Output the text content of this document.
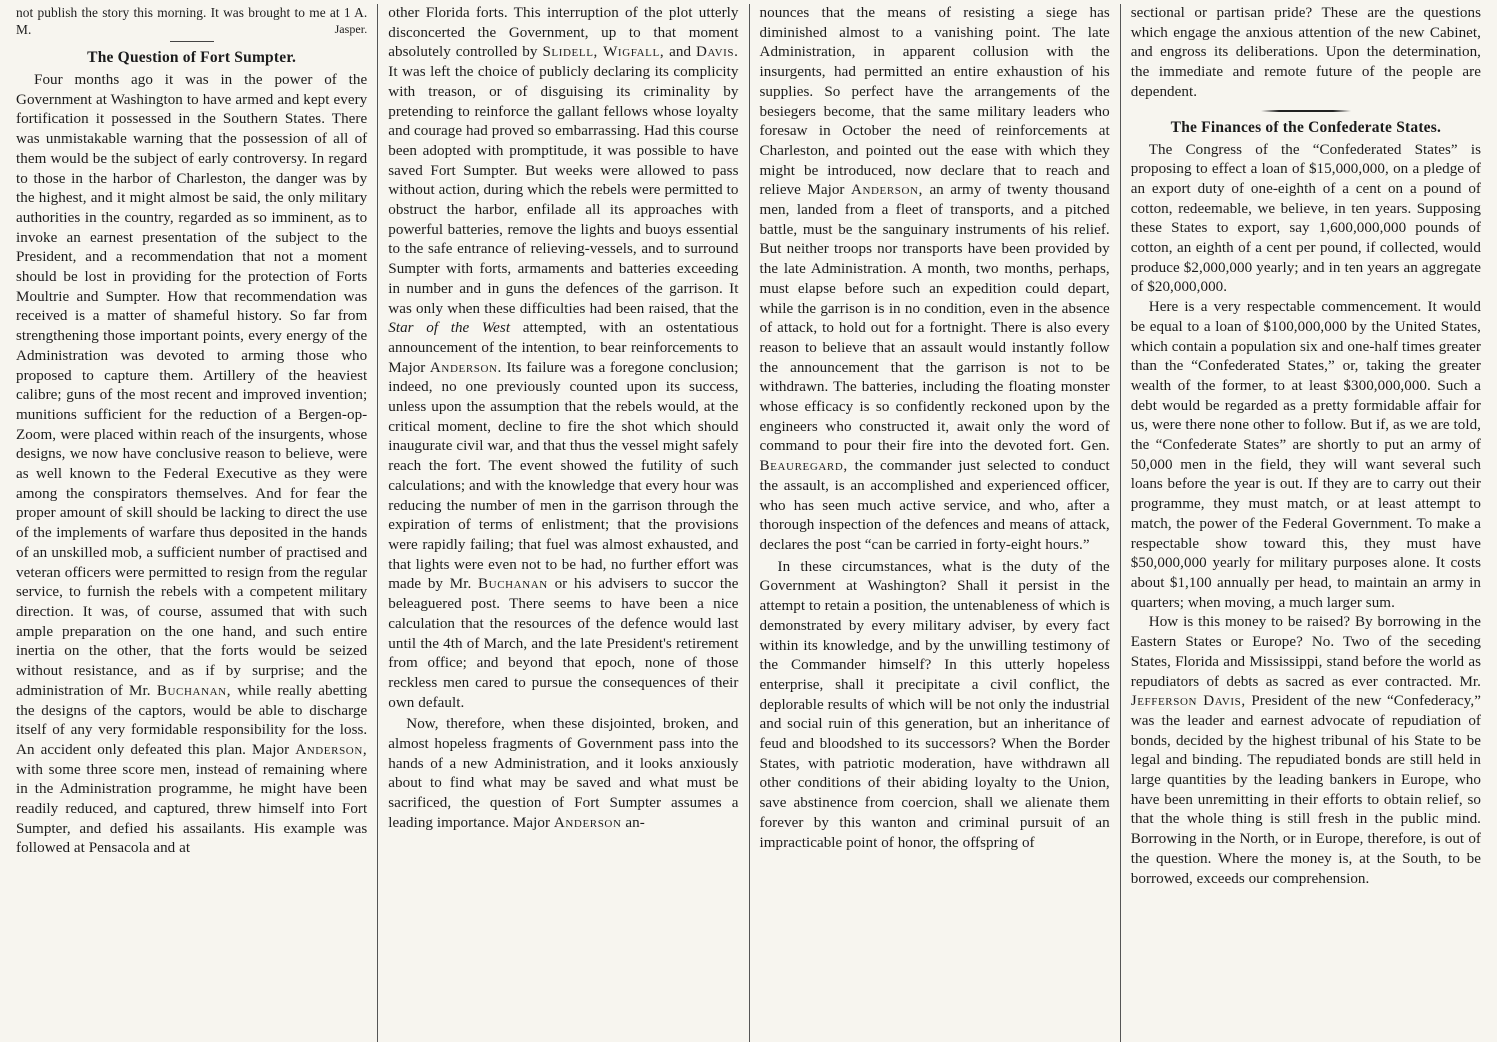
not publish the story this morning. It was brought to me at 1 A. M.	Jasper.

The Question of Fort Sumpter.

Four months ago it was in the power of the Government at Washington to have armed and kept every fortification it possessed in the Southern States. There was unmistakable warning that the possession of all of them would be the subject of early controversy. In regard to those in the harbor of Charleston, the danger was by the highest, and it might almost be said, the only military authorities in the country, regarded as so imminent, as to invoke an earnest presentation of the subject to the President, and a recommendation that not a moment should be lost in providing for the protection of Forts Moultrie and Sumpter. How that recommendation was received is a matter of shameful history. So far from strengthening those important points, every energy of the Administration was devoted to arming those who proposed to capture them. Artillery of the heaviest calibre; guns of the most recent and improved invention; munitions sufficient for the reduction of a Bergen-op-Zoom, were placed within reach of the insurgents, whose designs, we now have conclusive reason to believe, were as well known to the Federal Executive as they were among the conspirators themselves. And for fear the proper amount of skill should be lacking to direct the use of the implements of warfare thus deposited in the hands of an unskilled mob, a sufficient number of practised and veteran officers were permitted to resign from the regular service, to furnish the rebels with a competent military direction. It was, of course, assumed that with such ample preparation on the one hand, and such entire inertia on the other, that the forts would be seized without resistance, and as if by surprise; and the administration of Mr. Buchanan, while really abetting the designs of the captors, would be able to discharge itself of any very formidable responsibility for the loss. An accident only defeated this plan. Major Anderson, with some three score men, instead of remaining where in the Administration programme, he might have been readily reduced, and captured, threw himself into Fort Sumpter, and defied his assailants. His example was followed at Pensacola and at

other Florida forts. This interruption of the plot utterly disconcerted the Government, up to that moment absolutely controlled by Slidell, Wigfall, and Davis. It was left the choice of publicly declaring its complicity with treason, or of disguising its criminality by pretending to reinforce the gallant fellows whose loyalty and courage had proved so embarrassing. Had this course been adopted with promptitude, it was possible to have saved Fort Sumpter. But weeks were allowed to pass without action, during which the rebels were permitted to obstruct the harbor, enfilade all its approaches with powerful batteries, remove the lights and buoys essential to the safe entrance of relieving-vessels, and to surround Sumpter with forts, armaments and batteries exceeding in number and in guns the defences of the garrison. It was only when these difficulties had been raised, that the Star of the West attempted, with an ostentatious announcement of the intention, to bear reinforcements to Major Anderson. Its failure was a foregone conclusion; indeed, no one previously counted upon its success, unless upon the assumption that the rebels would, at the critical moment, decline to fire the shot which should inaugurate civil war, and that thus the vessel might safely reach the fort. The event showed the futility of such calculations; and with the knowledge that every hour was reducing the number of men in the garrison through the expiration of terms of enlistment; that the provisions were rapidly failing; that fuel was almost exhausted, and that lights were even not to be had, no further effort was made by Mr. Buchanan or his advisers to succor the beleaguered post. There seems to have been a nice calculation that the resources of the defence would last until the 4th of March, and the late President's retirement from office; and beyond that epoch, none of those reckless men cared to pursue the consequences of their own default.

Now, therefore, when these disjointed, broken, and almost hopeless fragments of Government pass into the hands of a new Administration, and it looks anxiously about to find what may be saved and what must be sacrificed, the question of Fort Sumpter assumes a leading importance. Major Anderson an-

nounces that the means of resisting a siege has diminished almost to a vanishing point. The late Administration, in apparent collusion with the insurgents, had permitted an entire exhaustion of his supplies. So perfect have the arrangements of the besiegers become, that the same military leaders who foresaw in October the need of reinforcements at Charleston, and pointed out the ease with which they might be introduced, now declare that to reach and relieve Major Anderson, an army of twenty thousand men, landed from a fleet of transports, and a pitched battle, must be the sanguinary instruments of his relief. But neither troops nor transports have been provided by the late Administration. A month, two months, perhaps, must elapse before such an expedition could depart, while the garrison is in no condition, even in the absence of attack, to hold out for a fortnight. There is also every reason to believe that an assault would instantly follow the announcement that the garrison is not to be withdrawn. The batteries, including the floating monster whose efficacy is so confidently reckoned upon by the engineers who constructed it, await only the word of command to pour their fire into the devoted fort. Gen. Beauregard, the commander just selected to conduct the assault, is an accomplished and experienced officer, who has seen much active service, and who, after a thorough inspection of the defences and means of attack, declares the post “can be carried in forty-eight hours.”

In these circumstances, what is the duty of the Government at Washington? Shall it persist in the attempt to retain a position, the untenableness of which is demonstrated by every military adviser, by every fact within its knowledge, and by the unwilling testimony of the Commander himself? In this utterly hopeless enterprise, shall it precipitate a civil conflict, the deplorable results of which will be not only the industrial and social ruin of this generation, but an inheritance of feud and bloodshed to its successors? When the Border States, with patriotic moderation, have withdrawn all other conditions of their abiding loyalty to the Union, save abstinence from coercion, shall we alienate them forever by this wanton and criminal pursuit of an impracticable point of honor, the offspring of

sectional or partisan pride? These are the questions which engage the anxious attention of the new Cabinet, and engross its deliberations. Upon the determination, the immediate and remote future of the people are dependent.

The Finances of the Confederate States.

The Congress of the “Confederated States” is proposing to effect a loan of $15,000,000, on a pledge of an export duty of one-eighth of a cent on a pound of cotton, redeemable, we believe, in ten years. Supposing these States to export, say 1,600,000,000 pounds of cotton, an eighth of a cent per pound, if collected, would produce $2,000,000 yearly; and in ten years an aggregate of $20,000,000.

Here is a very respectable commencement. It would be equal to a loan of $100,000,000 by the United States, which contain a population six and one-half times greater than the “Confederated States,” or, taking the greater wealth of the former, to at least $300,000,000. Such a debt would be regarded as a pretty formidable affair for us, were there none other to follow. But if, as we are told, the “Confederate States” are shortly to put an army of 50,000 men in the field, they will want several such loans before the year is out. If they are to carry out their programme, they must match, or at least attempt to match, the power of the Federal Government. To make a respectable show toward this, they must have $50,000,000 yearly for military purposes alone. It costs about $1,100 annually per head, to maintain an army in quarters; when moving, a much larger sum.

How is this money to be raised? By borrowing in the Eastern States or Europe? No. Two of the seceding States, Florida and Mississippi, stand before the world as repudiators of debts as sacred as ever contracted. Mr. Jefferson Davis, President of the new “Confederacy,” was the leader and earnest advocate of repudiation of bonds, decided by the highest tribunal of his State to be legal and binding. The repudiated bonds are still held in large quantities by the leading bankers in Europe, who have been unremitting in their efforts to obtain relief, so that the whole thing is still fresh in the public mind. Borrowing in the North, or in Europe, therefore, is out of the question. Where the money is, at the South, to be borrowed, exceeds our comprehension.
